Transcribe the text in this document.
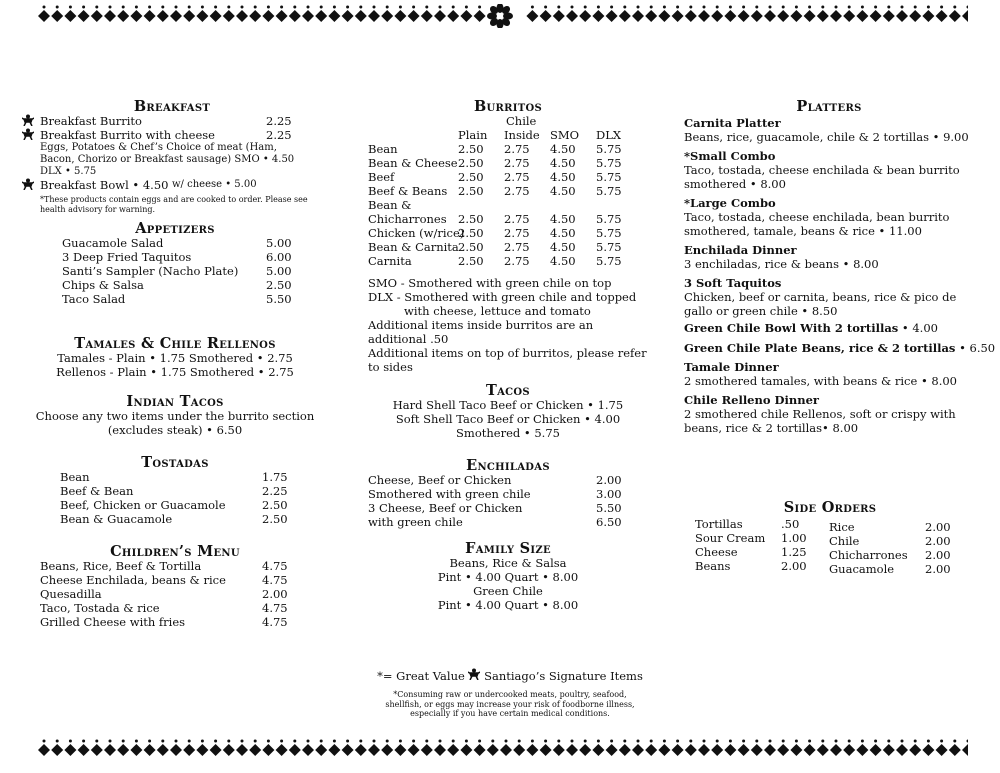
Breakfast
Breakfast Burrito	2.25
Breakfast Burrito with cheese	2.25
Eggs, Potatoes & Chef’s Choice of meat (Ham, Bacon, Chorizo or Breakfast sausage) SMO • 4.50 DLX • 5.75
Breakfast Bowl • 4.50 w/ cheese • 5.00
*These products contain eggs and are cooked to order. Please see health advisory for warning.
Appetizers
Guacamole Salad	5.00
3 Deep Fried Taquitos	6.00
Santi’s Sampler (Nacho Plate) 5.00
Chips & Salsa	2.50
Taco Salad	5.50
Tamales & Chile Rellenos
Tamales - Plain • 1.75 Smothered • 2.75
Rellenos - Plain • 1.75 Smothered • 2.75
Indian Tacos
Choose any two items under the burrito section
(excludes steak) • 6.50
Tostadas
Bean	1.75
Beef & Bean	2.25
Beef, Chicken or Guacamole	2.50
Bean & Guacamole	2.50
Children’s Menu
Beans, Rice, Beef & Tortilla	4.75
Cheese Enchilada, beans & rice	4.75
Quesadilla	2.00
Taco, Tostada & rice	4.75
Grilled Cheese with fries	4.75
Burritos
Chile
Plain Inside SMO DLX
Bean	2.50 2.75 4.50 5.75
Bean & Cheese 2.50 2.75 4.50 5.75
Beef	2.50 2.75 4.50 5.75
Beef & Beans 2.50 2.75 4.50 5.75
Bean &
Chicharrones 2.50 2.75 4.50 5.75
Chicken (w/rice)
2.50 2.75 4.50 5.75
Bean & Carnita 2.50 2.75 4.50 5.75
Carnita	2.50 2.75 4.50 5.75
SMO - Smothered with green chile on top
DLX - Smothered with green chile and topped
with cheese, lettuce and tomato
Additional items inside burritos are an
additional .50
Additional items on top of burritos, please refer
to sides
Tacos
Hard Shell Taco Beef or Chicken • 1.75
Soft Shell Taco Beef or Chicken • 4.00
Smothered • 5.75
Enchiladas
Cheese, Beef or Chicken	2.00
Smothered with green chile	3.00
3 Cheese, Beef or Chicken	5.50
with green chile	6.50
Family Size
Beans, Rice & Salsa
Pint • 4.00 Quart • 8.00
Green Chile
Pint • 4.00 Quart • 8.00
Platters
Carnita Platter
Beans, rice, guacamole, chile & 2 tortillas • 9.00
*Small Combo
Taco, tostada, cheese enchilada & bean burrito
smothered • 8.00
*Large Combo
Taco, tostada, cheese enchilada, bean burrito
smothered, tamale, beans & rice • 11.00
Enchilada Dinner
3 enchiladas, rice & beans • 8.00
3 Soft Taquitos
Chicken, beef or carnita, beans, rice & pico de
gallo or green chile • 8.50
Green Chile Bowl With 2 tortillas • 4.00
Green Chile Plate Beans, rice & 2 tortillas • 6.50
Tamale Dinner
2 smothered tamales, with beans & rice • 8.00
Chile Relleno Dinner
2 smothered chile Rellenos, soft or crispy with
beans, rice & 2 tortillas• 8.00
Side Orders
Tortillas	.50
Sour Cream 1.00
Cheese	1.25
Beans	2.00
Rice	2.00
Chile	2.00
Chicharrones 2.00
Guacamole	2.00
*= Great Value Santiago’s Signature Items
*Consuming raw or undercooked meats, poultry, seafood,
shellfish, or eggs may increase your risk of foodborne illness,
especially if you have certain medical conditions.
